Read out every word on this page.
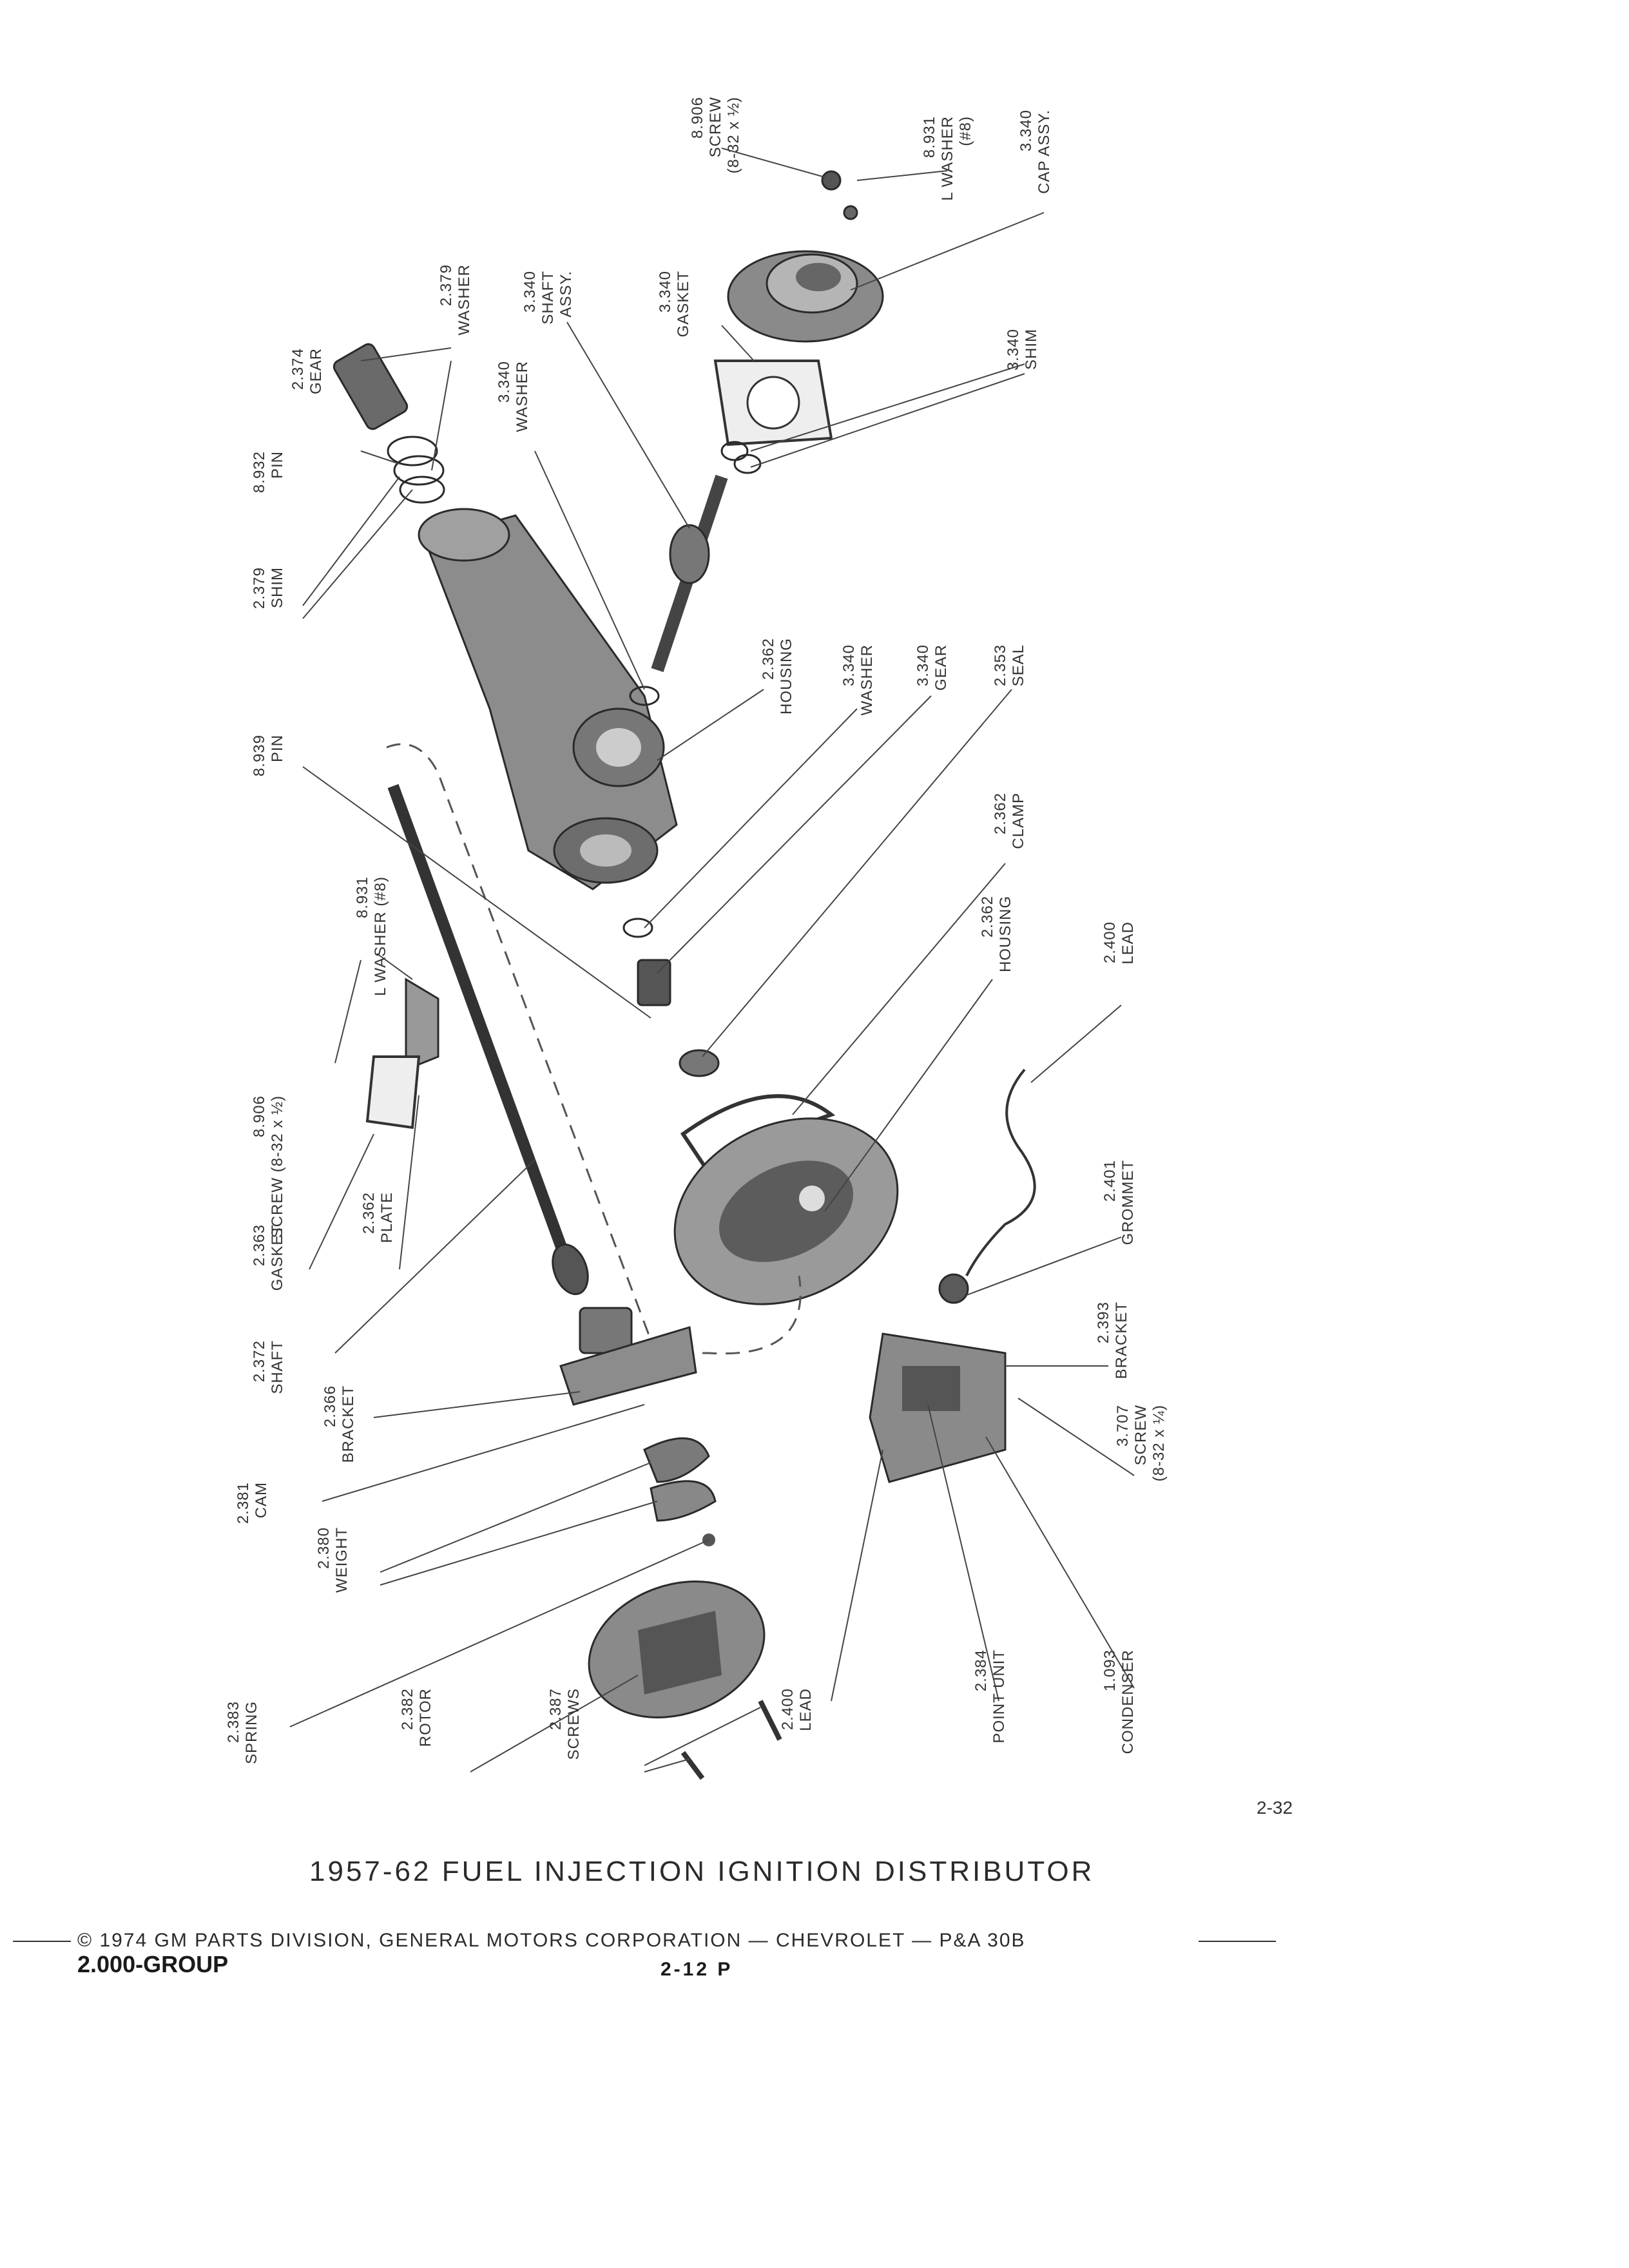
8.906 SCREW (8-32 x ½)	8.931 L WASHER (#8)	3.340 CAP ASSY.
3.340 GASKET
3.340 SHAFT ASSY.
3.340 SHIM
2.374 GEAR
2.379 WASHER
3.340 WASHER
8.932 PIN
2.379 SHIM
2.362 HOUSING	3.340 WASHER	3.340 GEAR	2.353 SEAL
8.939 PIN
2.362 CLAMP
8.931 L WASHER (#8)	2.362 HOUSING	2.400 LEAD
8.906 SCREW (8-32 x ½)
2.363 GASKET
2.362 PLATE
2.401 GROMMET
2.372 SHAFT
2.366 BRACKET
2.393 BRACKET
2.381 CAM
3.707 SCREW (8-32 x ¼)
2.380 WEIGHT
2.383 SPRING	2.382 ROTOR	2.387 SCREWS	2.400 LEAD
2.384 POINT UNIT	1.093 CONDENSER
2-32
1957-62 FUEL INJECTION IGNITION DISTRIBUTOR
© 1974 GM PARTS DIVISION, GENERAL MOTORS CORPORATION — CHEVROLET — P&A 30B
2.000-GROUP	2-12 P
